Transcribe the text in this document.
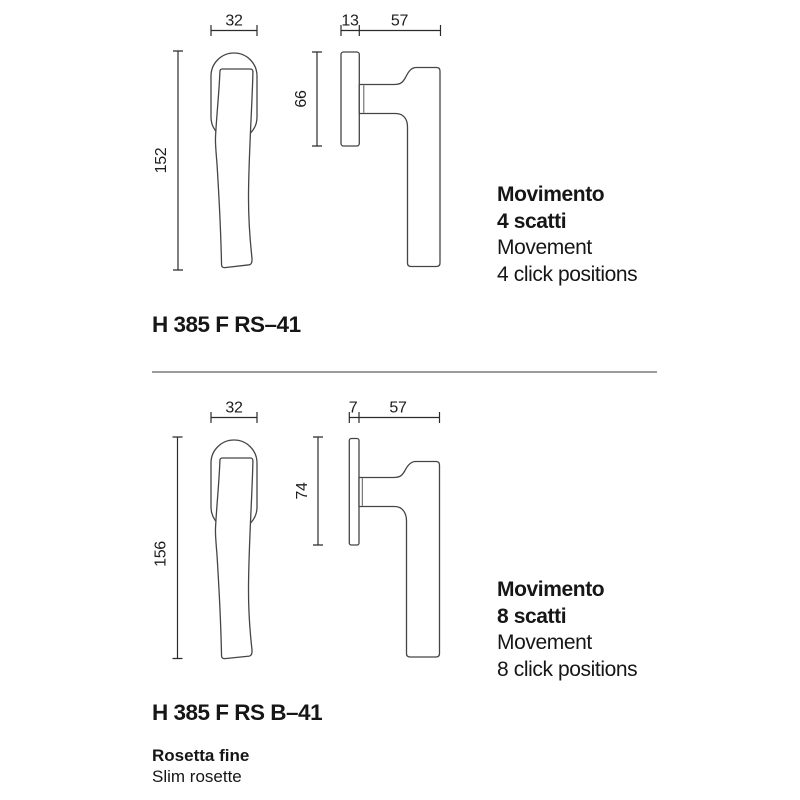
32	13 57
152
66
Movimento
4 scatti
Movement
4 click positions
H 385 F RS–41
32	7 57
156
74
Movimento
8 scatti
Movement
8 click positions
H 385 F RS B–41
Rosetta fine
Slim rosette
